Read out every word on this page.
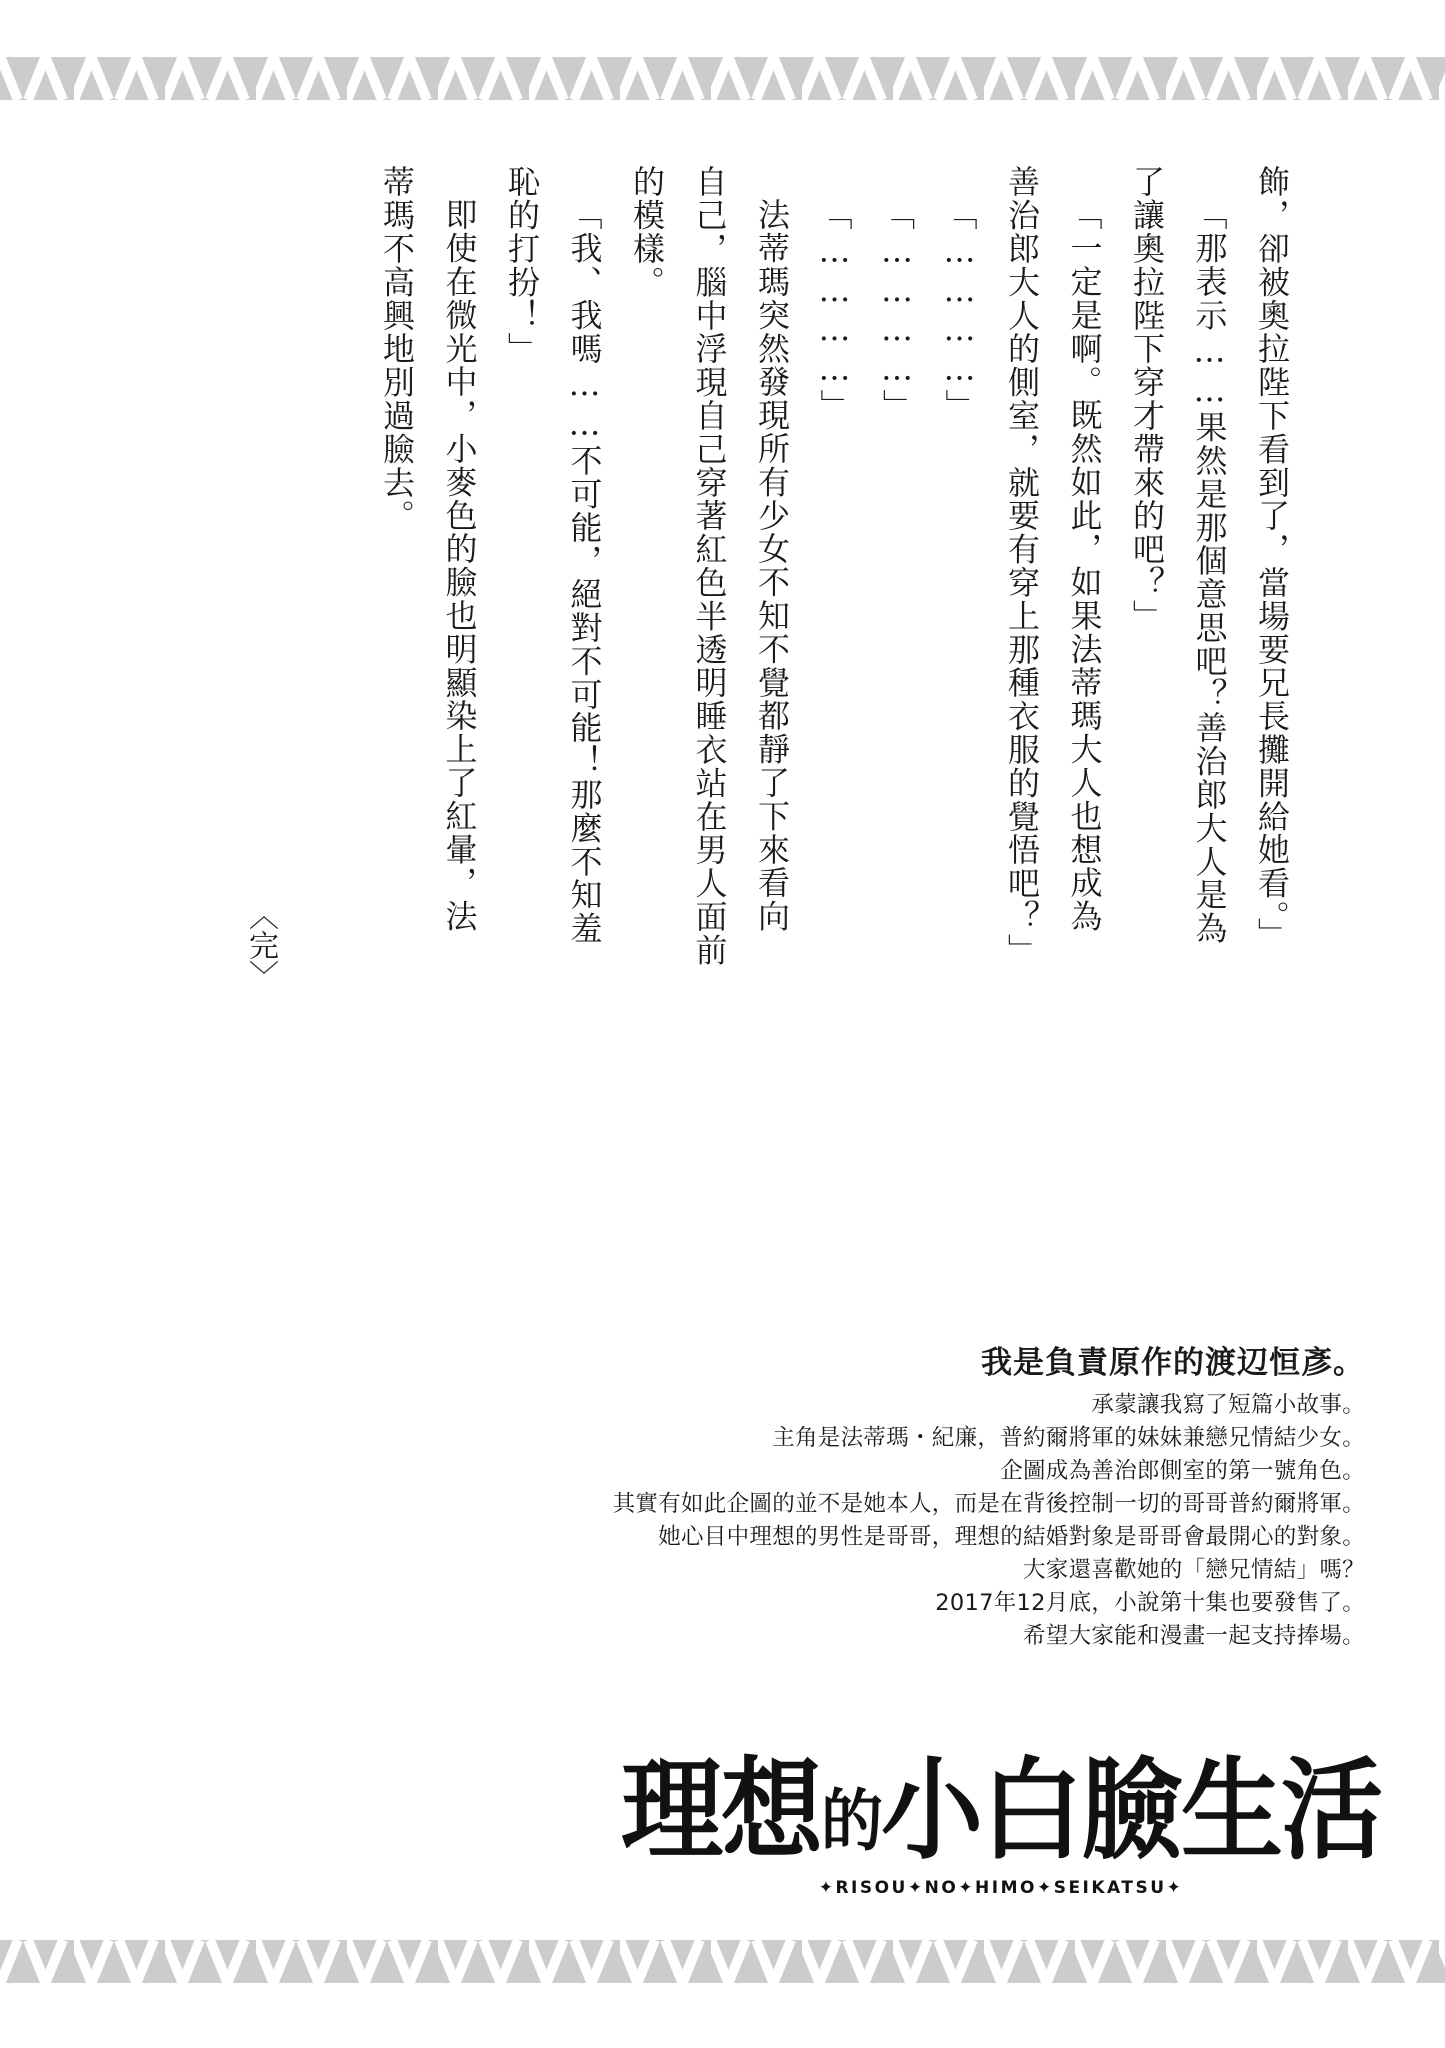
飾，卻被奧拉陛下看到了，當場要兄長攤開給她看。」
「那表示……果然是那個意思吧？善治郎大人是為
了讓奧拉陛下穿才帶來的吧？」
「一定是啊。既然如此，如果法蒂瑪大人也想成為
善治郎大人的側室，就要有穿上那種衣服的覺悟吧？」
「…………」
「…………」
「…………」
法蒂瑪突然發現所有少女不知不覺都靜了下來看向
自己，腦中浮現自己穿著紅色半透明睡衣站在男人面前
的模樣。
「我、我嗎……不可能，絕對不可能！那麼不知羞
恥的打扮！」
即使在微光中，小麥色的臉也明顯染上了紅暈，法
蒂瑪不高興地別過臉去。
〈完〉
我是負責原作的渡辺恒彥。
承蒙讓我寫了短篇小故事。
主角是法蒂瑪・紀廉，普約爾將軍的妹妹兼戀兄情結少女。
企圖成為善治郎側室的第一號角色。
其實有如此企圖的並不是她本人，而是在背後控制一切的哥哥普約爾將軍。
她心目中理想的男性是哥哥，理想的結婚對象是哥哥會最開心的對象。
大家還喜歡她的「戀兄情結」嗎？
2017年12月底，小說第十集也要發售了。
希望大家能和漫畫一起支持捧場。
理想的小白臉生活
✦RISOU✦NO✦HIMO✦SEIKATSU✦
